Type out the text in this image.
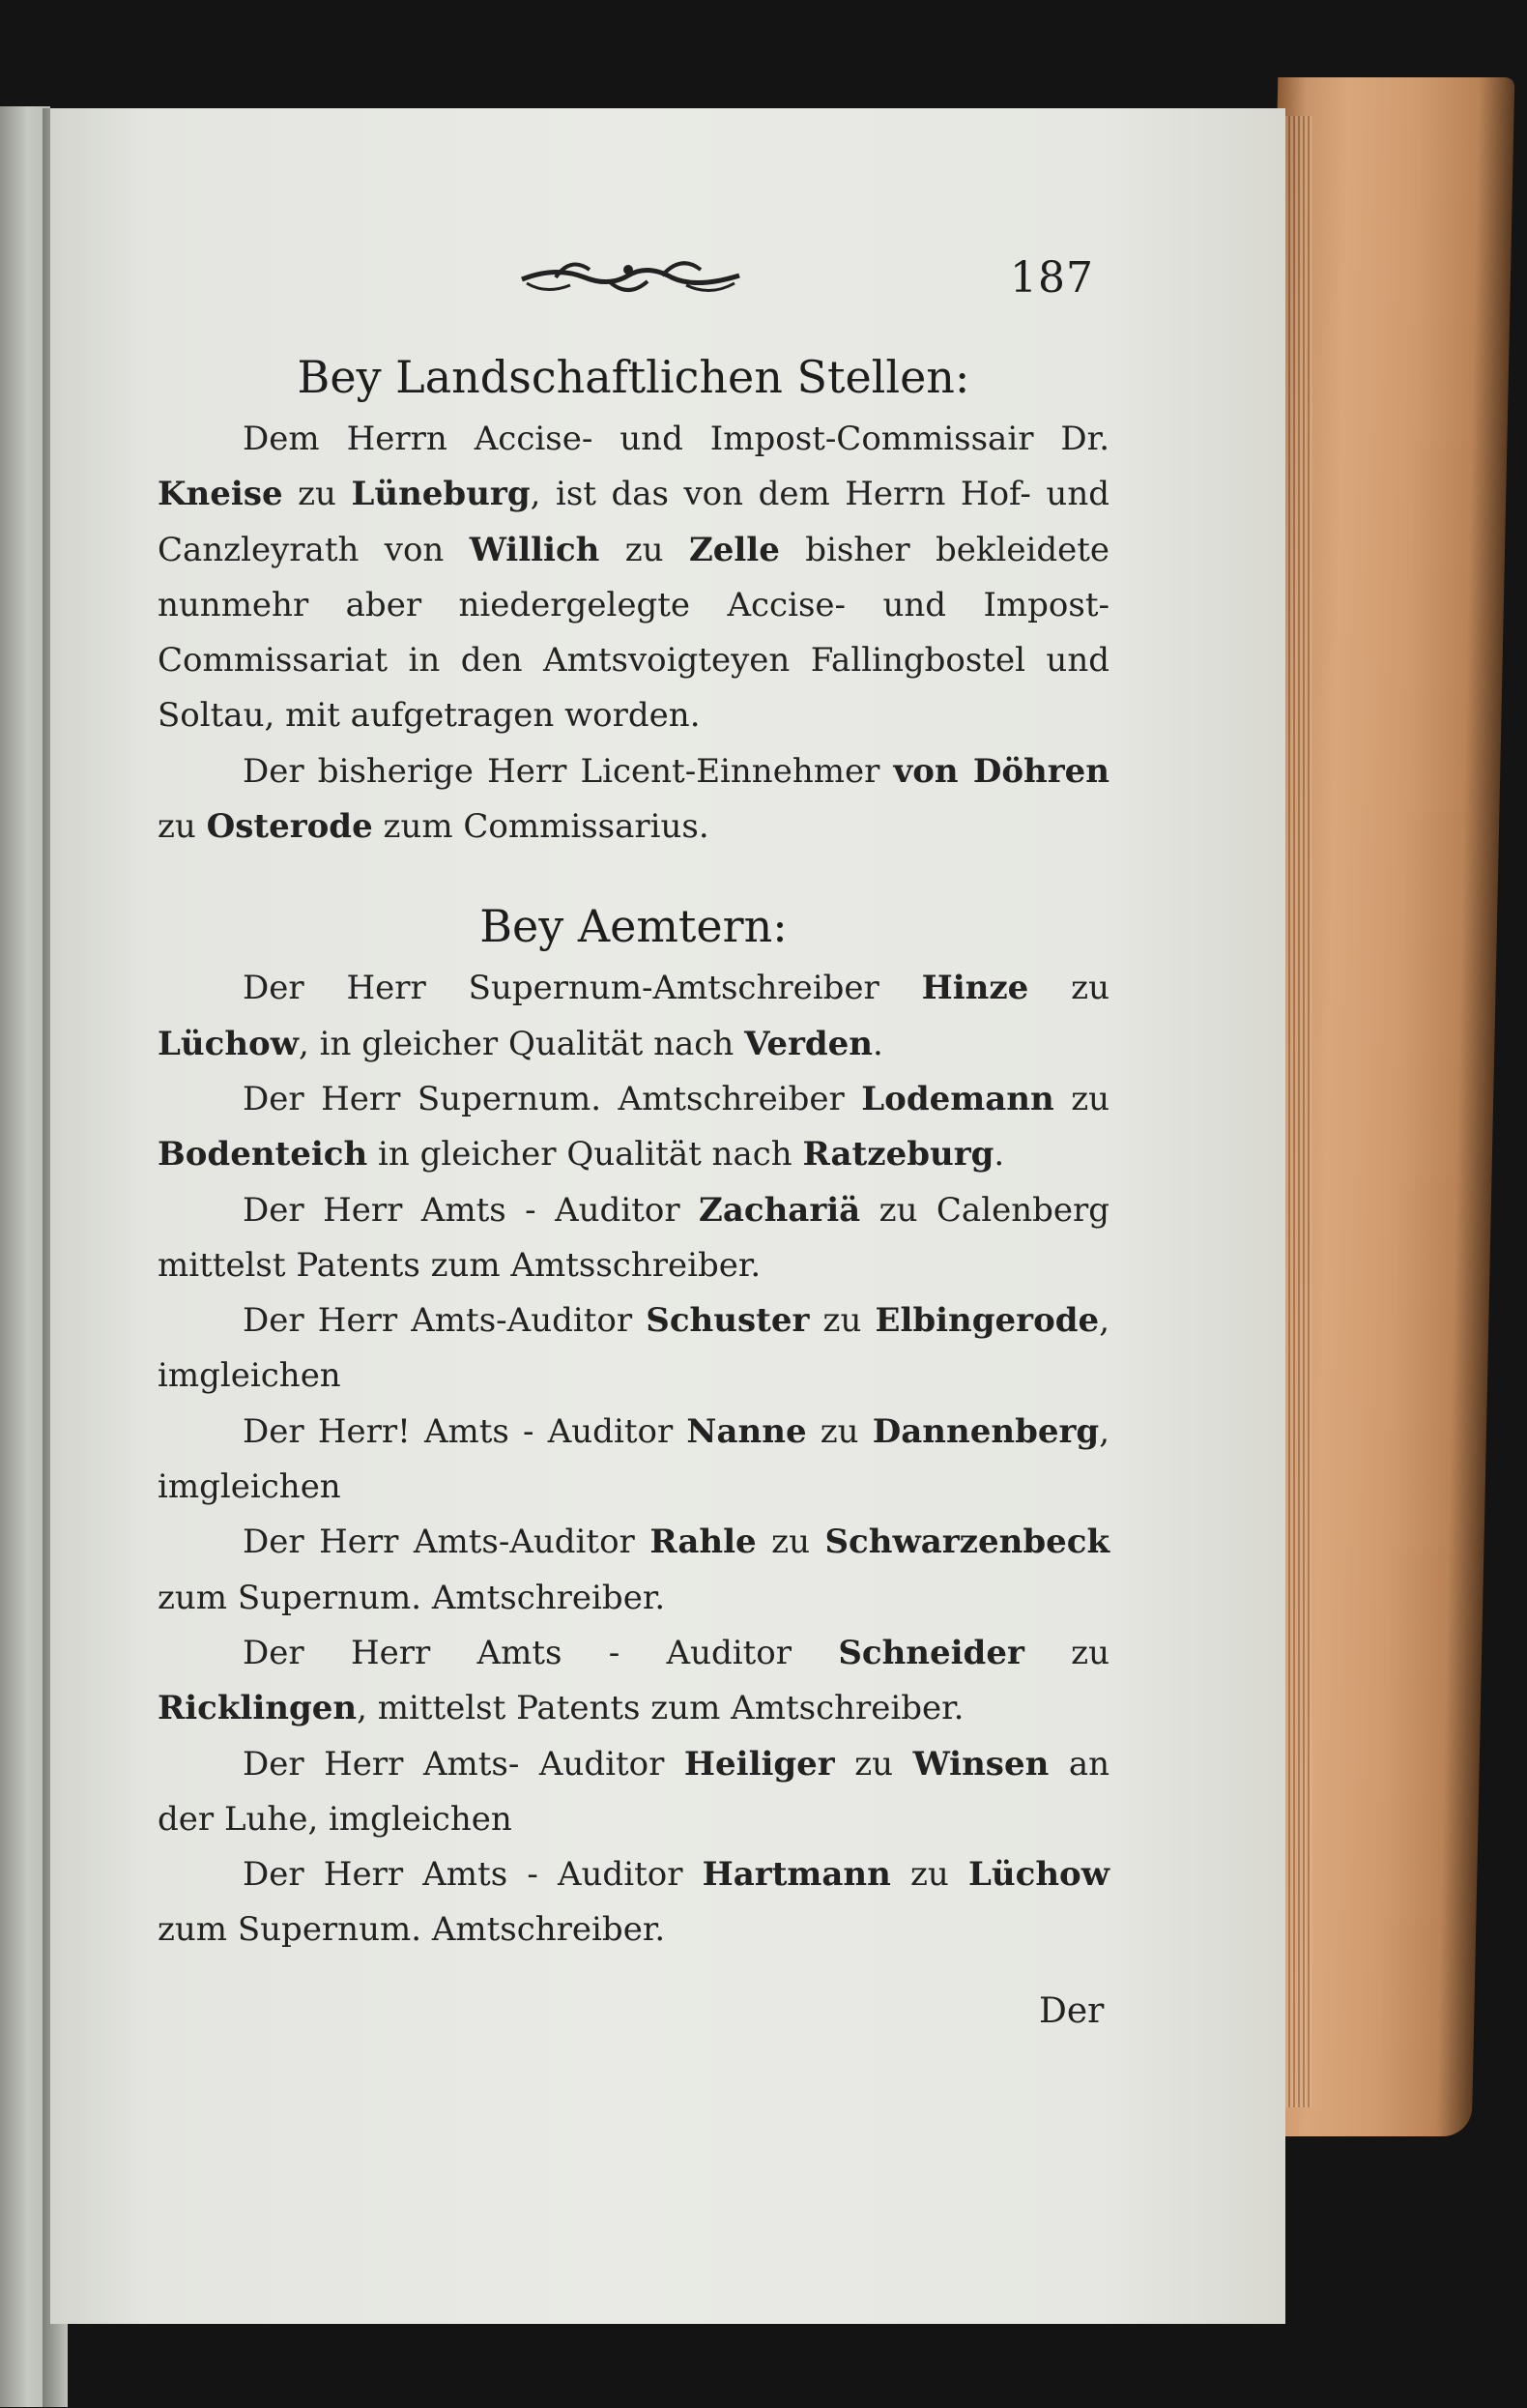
187
Bey Landschaftlichen Stellen:

Dem Herrn Accise- und Impost-Commissair Dr. Kneise zu Lüneburg, ist das von dem Herrn Hof- und Canzleyrath von Willich zu Zelle bisher bekleidete nunmehr aber niedergelegte Accise- und Impost-Commissariat in den Amtsvoigteyen Fallingbostel und Soltau, mit aufgetragen worden.

Der bisherige Herr Licent-Einnehmer von Döhren zu Osterode zum Commissarius.

Bey Aemtern:

Der Herr Supernum-Amtschreiber Hinze zu Lüchow, in gleicher Qualität nach Verden.

Der Herr Supernum. Amtschreiber Lodemann zu Bodenteich in gleicher Qualität nach Ratzeburg.

Der Herr Amts - Auditor Zachariä zu Calenberg mittelst Patents zum Amtsschreiber.

Der Herr Amts-Auditor Schuster zu Elbingerode, imgleichen

Der Herr! Amts - Auditor Nanne zu Dannenberg, imgleichen

Der Herr Amts-Auditor Rahle zu Schwarzenbeck zum Supernum. Amtschreiber.

Der Herr Amts - Auditor Schneider zu Ricklingen, mittelst Patents zum Amtschreiber.

Der Herr Amts- Auditor Heiliger zu Winsen an der Luhe, imgleichen

Der Herr Amts - Auditor Hartmann zu Lüchow zum Supernum. Amtschreiber.

Der
